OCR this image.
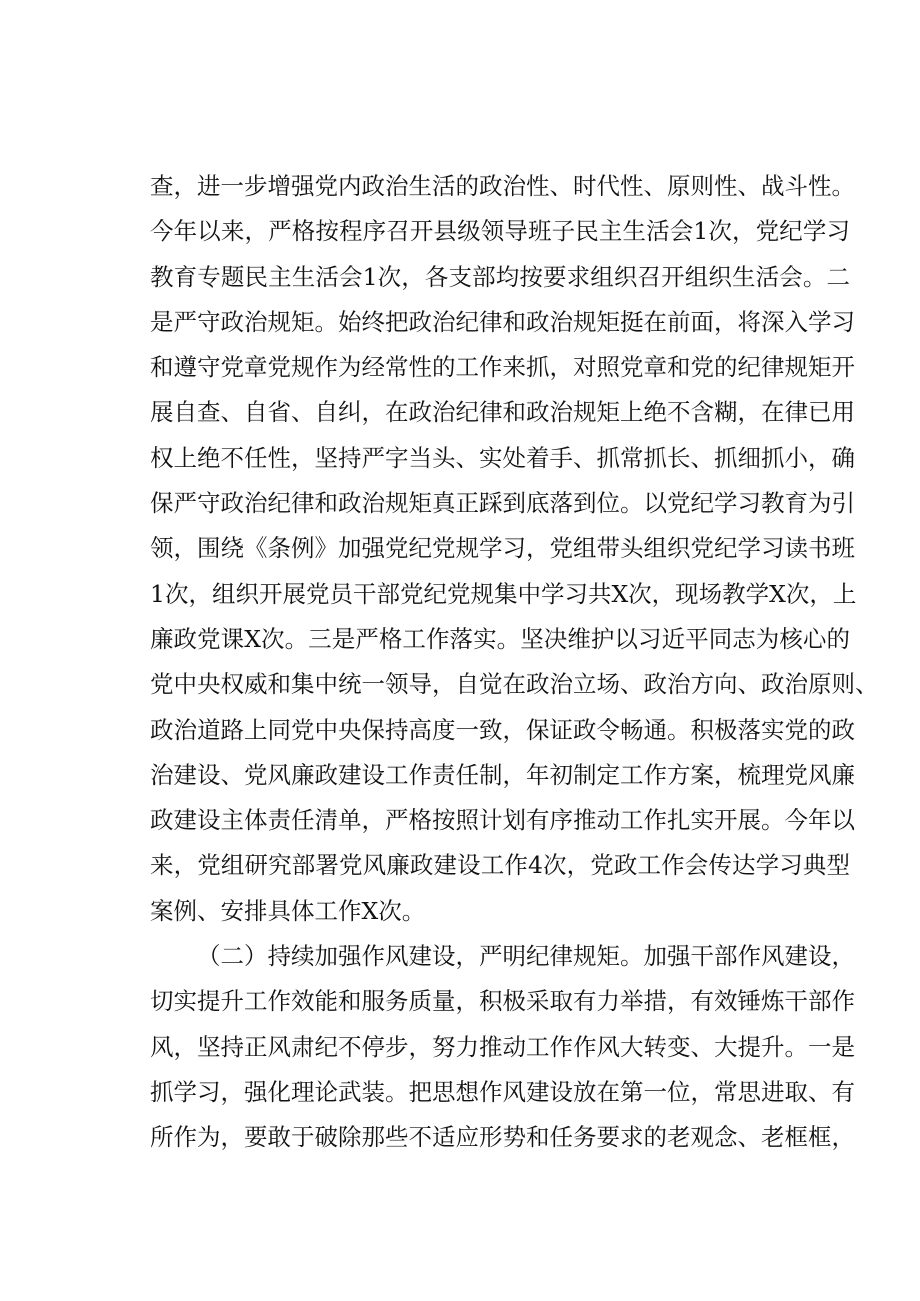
查，进一步增强党内政治生活的政治性、时代性、原则性、战斗性。
今年以来，严格按程序召开县级领导班子民主生活会1次，党纪学习
教育专题民主生活会1次，各支部均按要求组织召开组织生活会。二
是严守政治规矩。始终把政治纪律和政治规矩挺在前面，将深入学习
和遵守党章党规作为经常性的工作来抓，对照党章和党的纪律规矩开
展自查、自省、自纠，在政治纪律和政治规矩上绝不含糊，在律已用
权上绝不任性，坚持严字当头、实处着手、抓常抓长、抓细抓小，确
保严守政治纪律和政治规矩真正踩到底落到位。以党纪学习教育为引
领，围绕《条例》加强党纪党规学习，党组带头组织党纪学习读书班
1次，组织开展党员干部党纪党规集中学习共X次，现场教学X次，上
廉政党课X次。三是严格工作落实。坚决维护以习近平同志为核心的
党中央权威和集中统一领导，自觉在政治立场、政治方向、政治原则、
政治道路上同党中央保持高度一致，保证政令畅通。积极落实党的政
治建设、党风廉政建设工作责任制，年初制定工作方案，梳理党风廉
政建设主体责任清单，严格按照计划有序推动工作扎实开展。今年以
来，党组研究部署党风廉政建设工作4次，党政工作会传达学习典型
案例、安排具体工作X次。
（二）持续加强作风建设，严明纪律规矩。加强干部作风建设，
切实提升工作效能和服务质量，积极采取有力举措，有效锤炼干部作
风，坚持正风肃纪不停步，努力推动工作作风大转变、大提升。一是
抓学习，强化理论武装。把思想作风建设放在第一位，常思进取、有
所作为，要敢于破除那些不适应形势和任务要求的老观念、老框框，
